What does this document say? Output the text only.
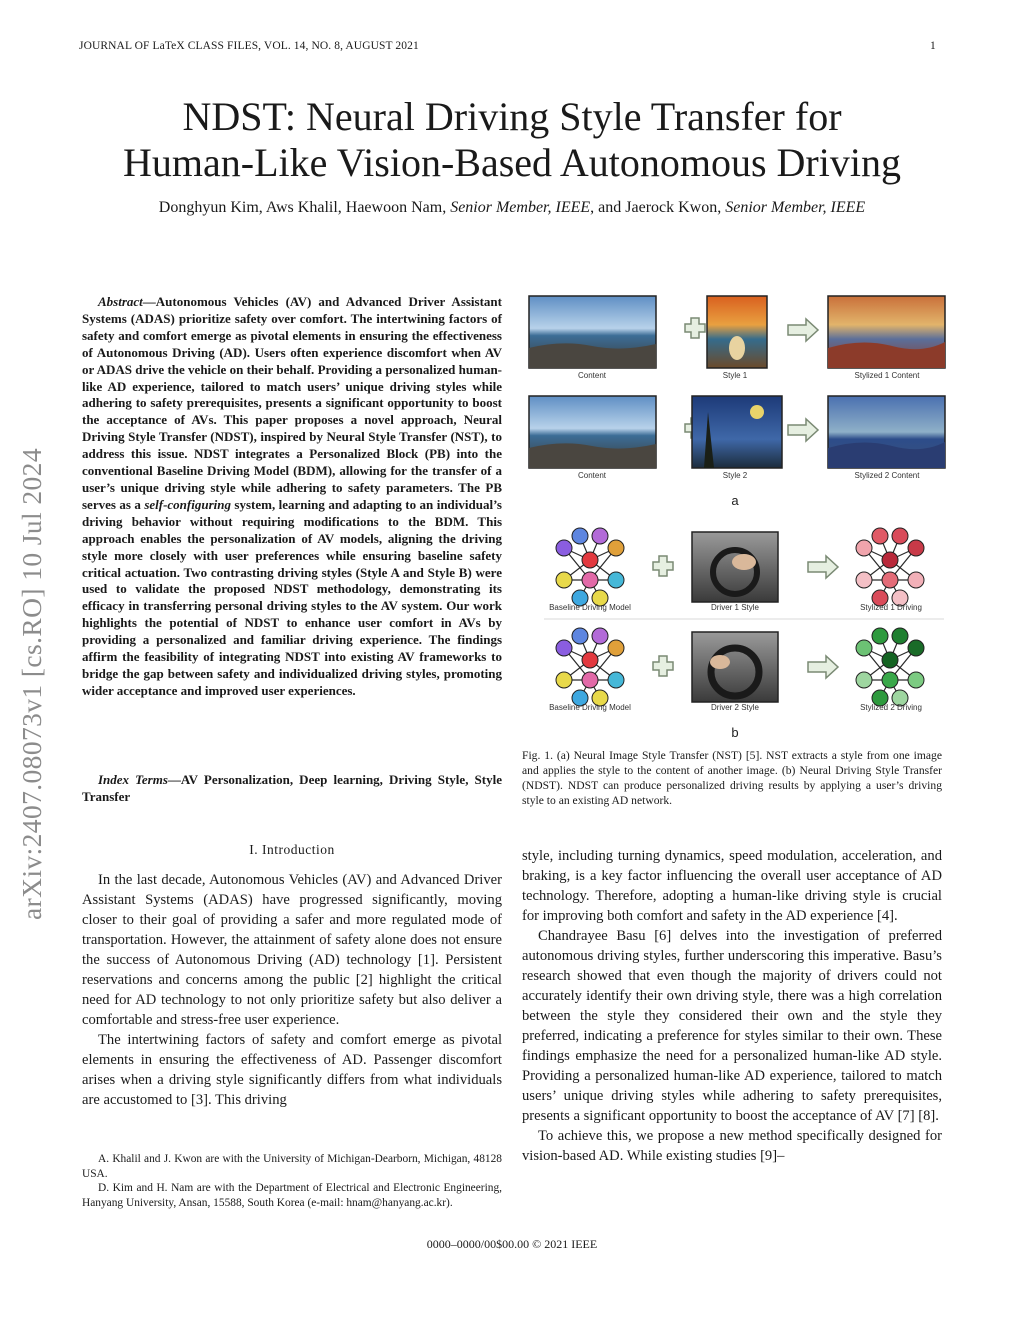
JOURNAL OF LaTeX CLASS FILES, VOL. 14, NO. 8, AUGUST 2021	1
NDST: Neural Driving Style Transfer for
Human-Like Vision-Based Autonomous Driving
Donghyun Kim, Aws Khalil, Haewoon Nam, Senior Member, IEEE, and Jaerock Kwon, Senior Member, IEEE
arXiv:2407.08073v1 [cs.RO] 10 Jul 2024

Abstract—Autonomous Vehicles (AV) and Advanced Driver Assistant Systems (ADAS) prioritize safety over comfort. The intertwining factors of safety and comfort emerge as pivotal elements in ensuring the effectiveness of Autonomous Driving (AD). Users often experience discomfort when AV or ADAS drive the vehicle on their behalf. Providing a personalized human-like AD experience, tailored to match users’ unique driving styles while adhering to safety prerequisites, presents a significant opportunity to boost the acceptance of AVs. This paper proposes a novel approach, Neural Driving Style Transfer (NDST), inspired by Neural Style Transfer (NST), to address this issue. NDST integrates a Personalized Block (PB) into the conventional Baseline Driving Model (BDM), allowing for the transfer of a user’s unique driving style while adhering to safety parameters. The PB serves as a self-configuring system, learning and adapting to an individual’s driving behavior without requiring modifications to the BDM. This approach enables the personalization of AV models, aligning the driving style more closely with user preferences while ensuring baseline safety critical actuation. Two contrasting driving styles (Style A and Style B) were used to validate the proposed NDST methodology, demonstrating its efficacy in transferring personal driving styles to the AV system. Our work highlights the potential of NDST to enhance user comfort in AVs by providing a personalized and familiar driving experience. The findings affirm the feasibility of integrating NDST into existing AV frameworks to bridge the gap between safety and individualized driving styles, promoting wider acceptance and improved user experiences.

Index Terms—AV Personalization, Deep learning, Driving Style, Style Transfer
I. Introduction

In the last decade, Autonomous Vehicles (AV) and Advanced Driver Assistant Systems (ADAS) have progressed significantly, moving closer to their goal of providing a safer and more regulated mode of transportation. However, the attainment of safety alone does not ensure the success of Autonomous Driving (AD) technology [1]. Persistent reservations and concerns among the public [2] highlight the critical need for AD technology to not only prioritize safety but also deliver a comfortable and stress-free user experience.

The intertwining factors of safety and comfort emerge as pivotal elements in ensuring the effectiveness of AD. Passenger discomfort arises when a driving style significantly differs from what individuals are accustomed to [3]. This driving

A. Khalil and J. Kwon are with the University of Michigan-Dearborn, Michigan, 48128 USA.

D. Kim and H. Nam are with the Department of Electrical and Electronic Engineering, Hanyang University, Ansan, 15588, South Korea (e-mail: hnam@hanyang.ac.kr).

Content	Style 1	Stylized 1 Content
Content	Style 2	Stylized 2 Content
a
Baseline Driving Model	Driver 1 Style	Stylized 1 Driving
Baseline Driving Model	Driver 2 Style	Stylized 2 Driving
b
Fig. 1. (a) Neural Image Style Transfer (NST) [5]. NST extracts a style from one image and applies the style to the content of another image. (b) Neural Driving Style Transfer (NDST). NDST can produce personalized driving results by applying a user’s driving style to an existing AD network.

style, including turning dynamics, speed modulation, acceleration, and braking, is a key factor influencing the overall user acceptance of AD technology. Therefore, adopting a human-like driving style is crucial for improving both comfort and safety in the AD experience [4].

Chandrayee Basu [6] delves into the investigation of preferred autonomous driving styles, further underscoring this imperative. Basu’s research showed that even though the majority of drivers could not accurately identify their own driving style, there was a high correlation between the style they considered their own and the style they preferred, indicating a preference for styles similar to their own. These findings emphasize the need for a personalized human-like AD style. Providing a personalized human-like AD experience, tailored to match users’ unique driving styles while adhering to safety prerequisites, presents a significant opportunity to boost the acceptance of AV [7] [8].

To achieve this, we propose a new method specifically designed for vision-based AD. While existing studies [9]–

0000–0000/00$00.00 © 2021 IEEE
